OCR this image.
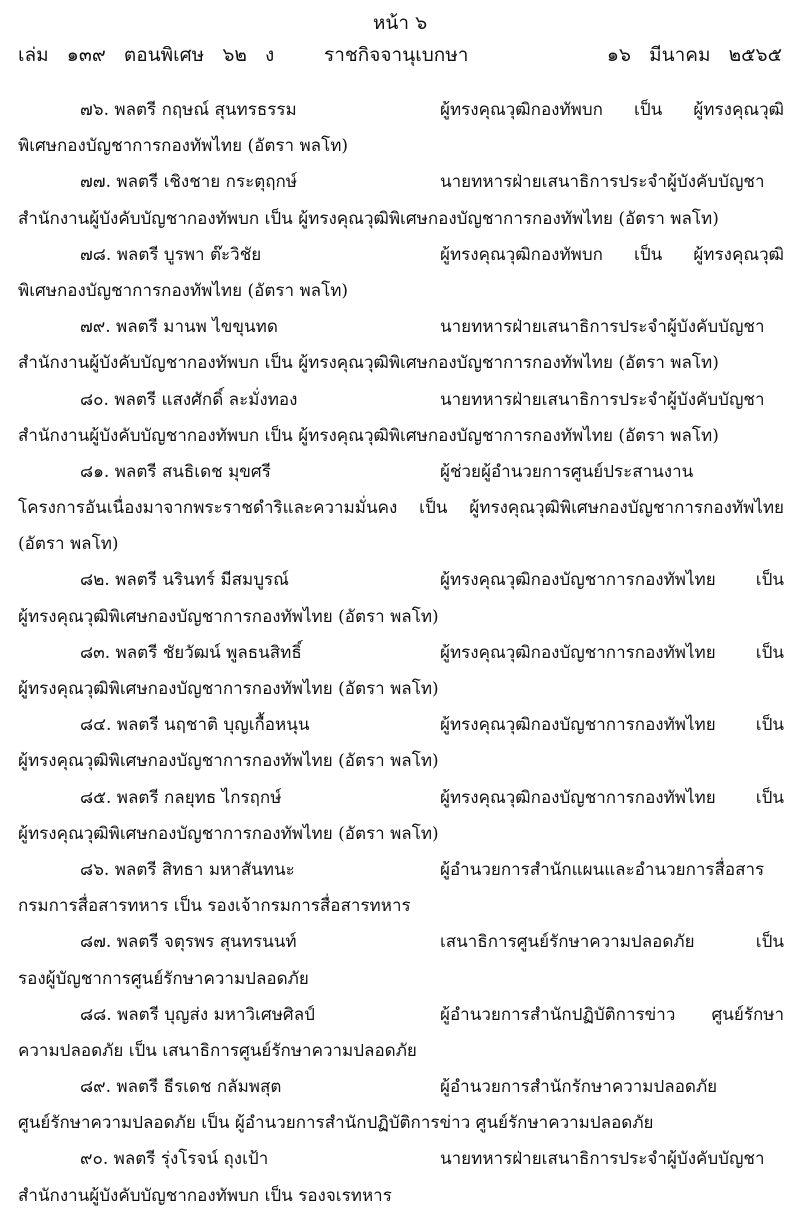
หน้า ๖
เล่ม   ๑๓๙   ตอนพิเศษ   ๖๒   ง	ราชกิจจานุเบกษา	๑๖   มีนาคม   ๒๕๖๕
๗๖. พลตรี กฤษณ์ สุนทรธรรม	ผู้ทรงคุณวุฒิกองทัพบก เป็น ผู้ทรงคุณวุฒิ
พิเศษกองบัญชาการกองทัพไทย (อัตรา พลโท)
๗๗. พลตรี เชิงชาย กระตุฤกษ์	นายทหารฝ่ายเสนาธิการประจำผู้บังคับบัญชา
สำนักงานผู้บังคับบัญชากองทัพบก เป็น ผู้ทรงคุณวุฒิพิเศษกองบัญชาการกองทัพไทย (อัตรา พลโท)
๗๘. พลตรี บูรพา ต๊ะวิชัย	ผู้ทรงคุณวุฒิกองทัพบก เป็น ผู้ทรงคุณวุฒิ
พิเศษกองบัญชาการกองทัพไทย (อัตรา พลโท)
๗๙. พลตรี มานพ ไขขุนทด	นายทหารฝ่ายเสนาธิการประจำผู้บังคับบัญชา
สำนักงานผู้บังคับบัญชากองทัพบก เป็น ผู้ทรงคุณวุฒิพิเศษกองบัญชาการกองทัพไทย (อัตรา พลโท)
๘๐. พลตรี แสงศักดิ์ ละมั่งทอง	นายทหารฝ่ายเสนาธิการประจำผู้บังคับบัญชา
สำนักงานผู้บังคับบัญชากองทัพบก เป็น ผู้ทรงคุณวุฒิพิเศษกองบัญชาการกองทัพไทย (อัตรา พลโท)
๘๑. พลตรี สนธิเดช มุขศรี	ผู้ช่วยผู้อำนวยการศูนย์ประสานงาน
โครงการอันเนื่องมาจากพระราชดำริและความมั่นคง เป็น ผู้ทรงคุณวุฒิพิเศษกองบัญชาการกองทัพไทย
(อัตรา พลโท)
๘๒. พลตรี นรินทร์ มีสมบูรณ์	ผู้ทรงคุณวุฒิกองบัญชาการกองทัพไทย เป็น
ผู้ทรงคุณวุฒิพิเศษกองบัญชาการกองทัพไทย (อัตรา พลโท)
๘๓. พลตรี ชัยวัฒน์ พูลธนสิทธิ์	ผู้ทรงคุณวุฒิกองบัญชาการกองทัพไทย เป็น
ผู้ทรงคุณวุฒิพิเศษกองบัญชาการกองทัพไทย (อัตรา พลโท)
๘๔. พลตรี นฤชาติ บุญเกื้อหนุน	ผู้ทรงคุณวุฒิกองบัญชาการกองทัพไทย เป็น
ผู้ทรงคุณวุฒิพิเศษกองบัญชาการกองทัพไทย (อัตรา พลโท)
๘๕. พลตรี กลยุทธ ไกรฤกษ์	ผู้ทรงคุณวุฒิกองบัญชาการกองทัพไทย เป็น
ผู้ทรงคุณวุฒิพิเศษกองบัญชาการกองทัพไทย (อัตรา พลโท)
๘๖. พลตรี สิทธา มหาสันทนะ	ผู้อำนวยการสำนักแผนและอำนวยการสื่อสาร
กรมการสื่อสารทหาร เป็น รองเจ้ากรมการสื่อสารทหาร
๘๗. พลตรี จตุรพร สุนทรนนท์	เสนาธิการศูนย์รักษาความปลอดภัย เป็น
รองผู้บัญชาการศูนย์รักษาความปลอดภัย
๘๘. พลตรี บุญส่ง มหาวิเศษศิลป์	ผู้อำนวยการสำนักปฏิบัติการข่าว ศูนย์รักษา
ความปลอดภัย เป็น เสนาธิการศูนย์รักษาความปลอดภัย
๘๙. พลตรี ธีรเดช กลัมพสุต	ผู้อำนวยการสำนักรักษาความปลอดภัย
ศูนย์รักษาความปลอดภัย เป็น ผู้อำนวยการสำนักปฏิบัติการข่าว ศูนย์รักษาความปลอดภัย
๙๐. พลตรี รุ่งโรจน์ ถุงเป้า	นายทหารฝ่ายเสนาธิการประจำผู้บังคับบัญชา
สำนักงานผู้บังคับบัญชากองทัพบก เป็น รองจเรทหาร
